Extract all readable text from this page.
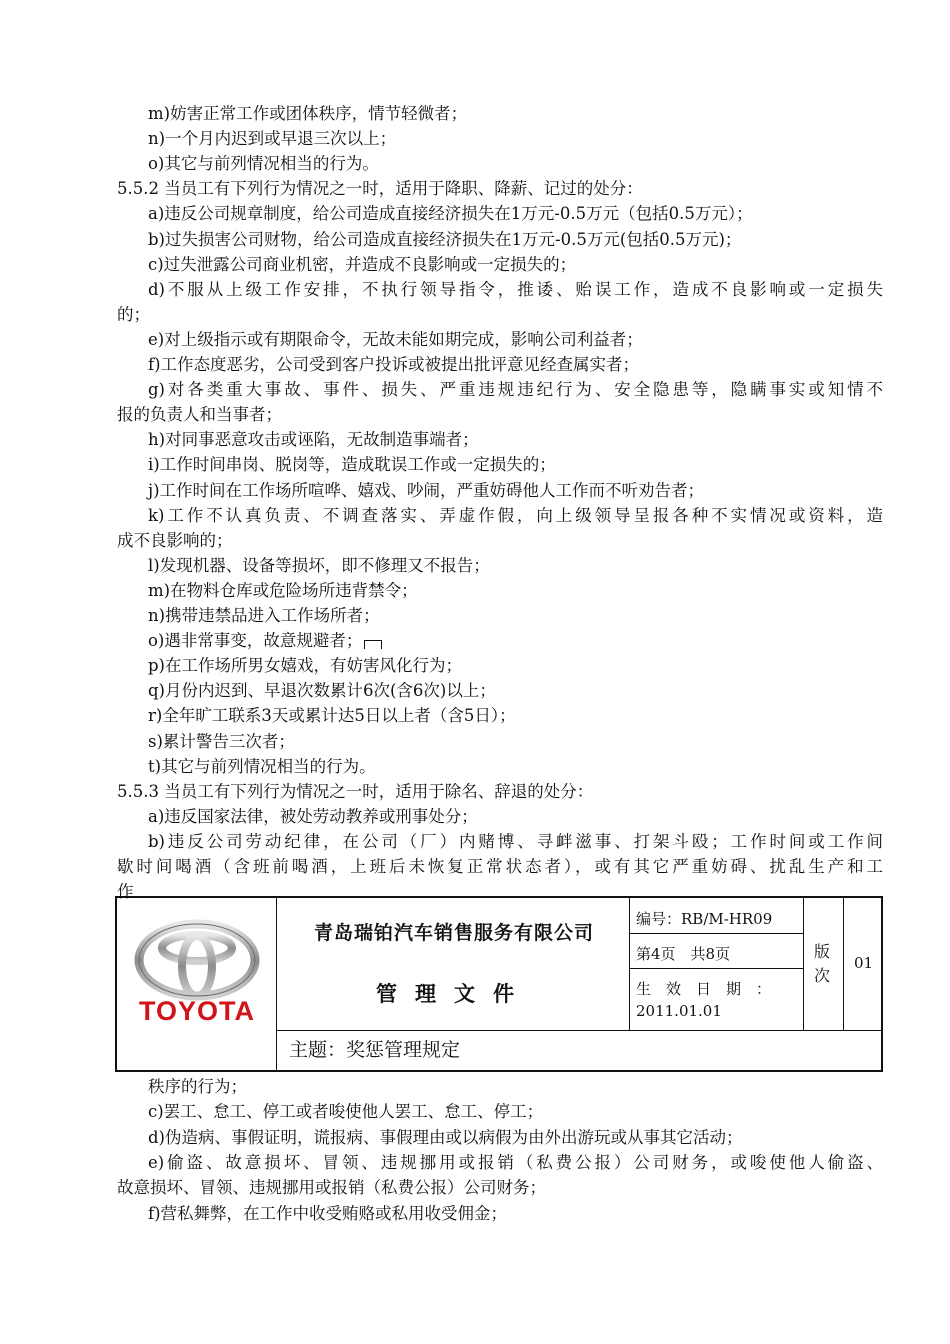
m)妨害正常工作或团体秩序，情节轻微者；
n)一个月内迟到或早退三次以上；
o)其它与前列情况相当的行为。
5.5.2 当员工有下列行为情况之一时，适用于降职、降薪、记过的处分：
a)违反公司规章制度，给公司造成直接经济损失在1万元-0.5万元（包括0.5万元）；
b)过失损害公司财物，给公司造成直接经济损失在1万元-0.5万元(包括0.5万元)；
c)过失泄露公司商业机密，并造成不良影响或一定损失的；
d)不服从上级工作安排，不执行领导指令，推诿、贻误工作，造成不良影响或一定损失
的；
e)对上级指示或有期限命令，无故未能如期完成，影响公司利益者；
f)工作态度恶劣，公司受到客户投诉或被提出批评意见经查属实者；
g)对各类重大事故、事件、损失、严重违规违纪行为、安全隐患等，隐瞒事实或知情不
报的负责人和当事者；
h)对同事恶意攻击或诬陷，无故制造事端者；
i)工作时间串岗、脱岗等，造成耽误工作或一定损失的；
j)工作时间在工作场所喧哗、嬉戏、吵闹，严重妨碍他人工作而不听劝告者；
k)工作不认真负责、不调查落实、弄虚作假，向上级领导呈报各种不实情况或资料，造
成不良影响的；
l)发现机器、设备等损坏，即不修理又不报告；
m)在物料仓库或危险场所违背禁令；
n)携带违禁品进入工作场所者；
o)遇非常事变，故意规避者；
p)在工作场所男女嬉戏，有妨害风化行为；
q)月份内迟到、早退次数累计6次(含6次)以上；
r)全年旷工联系3天或累计达5日以上者（含5日）；
s)累计警告三次者；
t)其它与前列情况相当的行为。
5.5.3 当员工有下列行为情况之一时，适用于除名、辞退的处分：
a)违反国家法律，被处劳动教养或刑事处分；
b)违反公司劳动纪律，在公司（厂）内赌博、寻衅滋事、打架斗殴；工作时间或工作间
歇时间喝酒（含班前喝酒，上班后未恢复正常状态者），或有其它严重妨碍、扰乱生产和工
作
TOYOTA
青岛瑞铂汽车销售服务有限公司
管理文件
编号：RB/M-HR09
第4页　共8页
生　效　日　期　：
2011.01.01
版次
01
主题：奖惩管理规定
秩序的行为；
c)罢工、怠工、停工或者唆使他人罢工、怠工、停工；
d)伪造病、事假证明，谎报病、事假理由或以病假为由外出游玩或从事其它活动；
e)偷盗、故意损坏、冒领、违规挪用或报销（私费公报）公司财务，或唆使他人偷盗、
故意损坏、冒领、违规挪用或报销（私费公报）公司财务；
f)营私舞弊，在工作中收受贿赂或私用收受佣金；
